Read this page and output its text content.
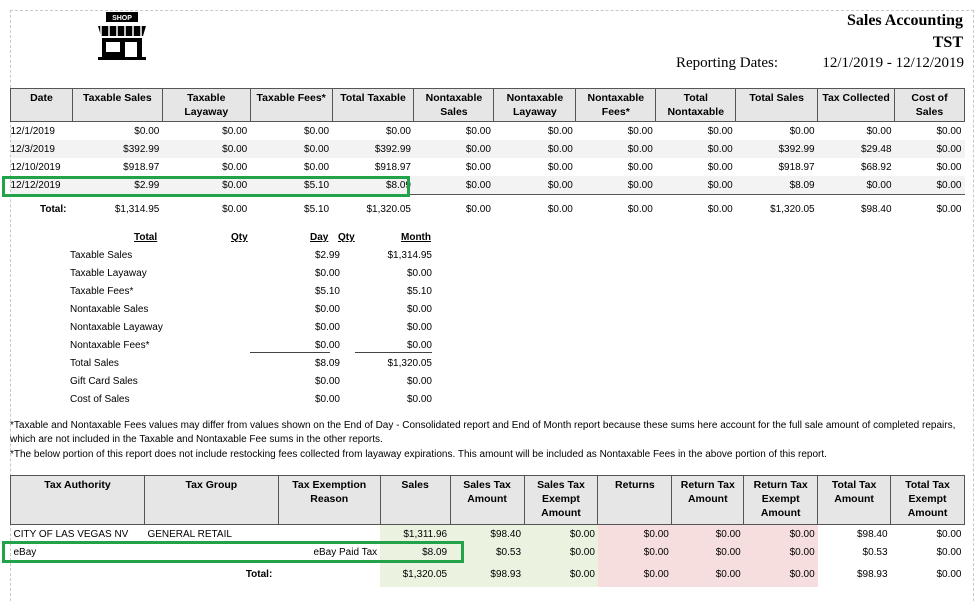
SHOP	Sales Accounting
TST
Reporting Dates:	12/1/2019 - 12/12/2019
Date	Taxable Sales	Taxable Layaway	Taxable Fees*	Total Taxable	Nontaxable Sales	Nontaxable Layaway	Nontaxable Fees*	Total Nontaxable	Total Sales	Tax Collected	Cost of Sales
12/1/2019	$0.00	$0.00	$0.00	$0.00	$0.00	$0.00	$0.00	$0.00	$0.00	$0.00	$0.00
12/3/2019	$392.99	$0.00	$0.00	$392.99	$0.00	$0.00	$0.00	$0.00	$392.99	$29.48	$0.00
12/10/2019	$918.97	$0.00	$0.00	$918.97	$0.00	$0.00	$0.00	$0.00	$918.97	$68.92	$0.00
12/12/2019	$2.99	$0.00	$5.10	$8.09	$0.00	$0.00	$0.00	$0.00	$8.09	$0.00	$0.00
Total:	$1,314.95	$0.00	$5.10	$1,320.05	$0.00	$0.00	$0.00	$0.00	$1,320.05	$98.40	$0.00
Total	Qty	Day Qty	Month
Taxable Sales	$2.99	$1,314.95
Taxable Layaway	$0.00	$0.00
Taxable Fees*	$5.10	$5.10
Nontaxable Sales	$0.00	$0.00
Nontaxable Layaway	$0.00	$0.00
Nontaxable Fees*	$0.00	$0.00
Total Sales	$8.09	$1,320.05
Gift Card Sales	$0.00	$0.00
Cost of Sales	$0.00	$0.00
*Taxable and Nontaxable Fees values may differ from values shown on the End of Day - Consolidated report and End of Month report because these sums here account for the full sale amount of completed repairs, which are not included in the Taxable and Nontaxable Fee sums in the other reports.
*The below portion of this report does not include restocking fees collected from layaway expirations. This amount will be included as Nontaxable Fees in the above portion of this report.
Tax Authority	Tax Group	Tax Exemption Reason	Sales	Sales Tax Amount	Sales Tax Exempt Amount	Returns	Return Tax Amount	Return Tax Exempt Amount	Total Tax Amount	Total Tax Exempt Amount
CITY OF LAS VEGAS NV	GENERAL RETAIL		$1,311.96	$98.40	$0.00	$0.00	$0.00	$0.00	$98.40	$0.00
eBay		eBay Paid Tax	$8.09	$0.53	$0.00	$0.00	$0.00	$0.00	$0.53	$0.00
	Total:		$1,320.05	$98.93	$0.00	$0.00	$0.00	$0.00	$98.93	$0.00
